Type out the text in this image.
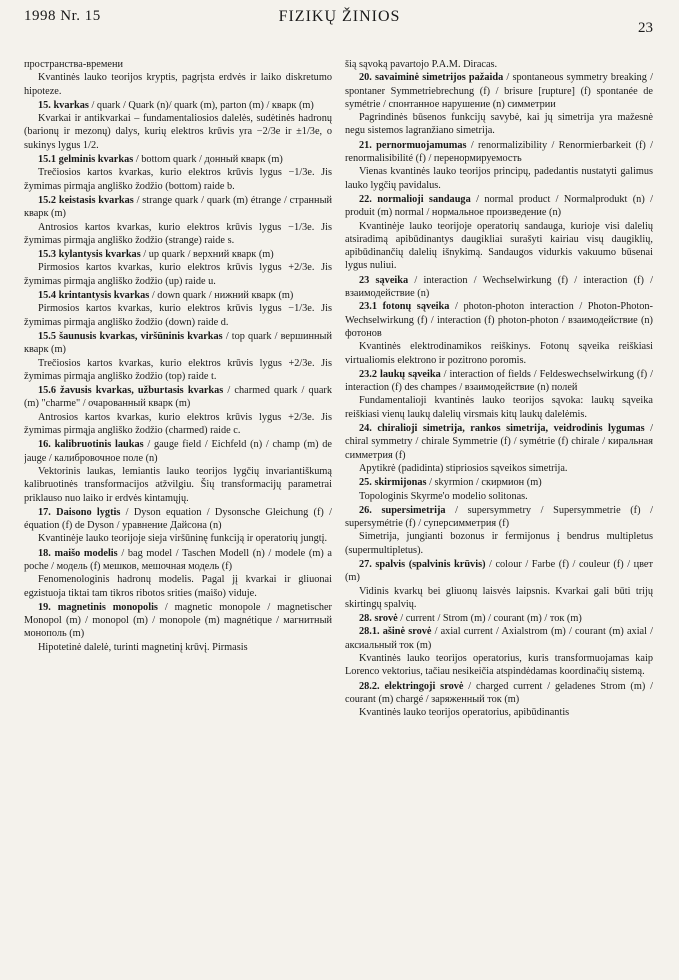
1998 Nr. 15	FIZIKŲ ŽINIOS
23

пространства-времени

Kvantinės lauko teorijos kryptis, pagrįsta erdvės ir laiko diskretumo hipoteze.

15. kvarkas / quark / Quark (n)/ quark (m), parton (m) / кварк (m)

Kvarkai ir antikvarkai – fundamentaliosios dalelės, sudėtinės hadronų (barionų ir mezonų) dalys, kurių elektros krūvis yra −2/3e ir ±1/3e, o sukinys lygus 1/2.

15.1 gelminis kvarkas / bottom quark / донный кварк (m)

Trečiosios kartos kvarkas, kurio elektros krūvis lygus −1/3e. Jis žymimas pirmąja angliško žodžio (bottom) raide b.

15.2 keistasis kvarkas / strange quark / quark (m) étrange / странный кварк (m)

Antrosios kartos kvarkas, kurio elektros krūvis lygus −1/3e. Jis žymimas pirmąja angliško žodžio (strange) raide s.

15.3 kylantysis kvarkas / up quark / верхний кварк (m)

Pirmosios kartos kvarkas, kurio elektros krūvis lygus +2/3e. Jis žymimas pirmąja angliško žodžio (up) raide u.

15.4 krintantysis kvarkas / down quark / нижний кварк (m)

Pirmosios kartos kvarkas, kurio elektros krūvis lygus −1/3e. Jis žymimas pirmąja angliško žodžio (down) raide d.

15.5 šaunusis kvarkas, viršūninis kvarkas / top quark / вершинный кварк (m)

Trečiosios kartos kvarkas, kurio elektros krūvis lygus +2/3e. Jis žymimas pirmąja angliško žodžio (top) raide t.

15.6 žavusis kvarkas, užburtasis kvarkas / charmed quark / quark (m) "charme" / очарованный кварк (m)

Antrosios kartos kvarkas, kurio elektros krūvis lygus +2/3e. Jis žymimas pirmąja angliško žodžio (charmed) raide c.

16. kalibruotinis laukas / gauge field / Eichfeld (n) / champ (m) de jauge / калибровочное поле (n)

Vektorinis laukas, lemiantis lauko teorijos lygčių invariantiškumą kalibruotinės transformacijos atžvilgiu. Šių transformacijų parametrai priklauso nuo laiko ir erdvės kintamųjų.

17. Daisono lygtis / Dyson equation / Dysonsche Gleichung (f) / équation (f) de Dyson / уравнение Дайсона (n)

Kvantinėje lauko teorijoje sieja viršūninę funkciją ir operatorių jungtį.

18. maišo modelis / bag model / Taschen Modell (n) / modele (m) a poche / модель (f) мешков, мешочная модель (f)

Fenomenologinis hadronų modelis. Pagal jį kvarkai ir gliuonai egzistuoja tiktai tam tikros ribotos srities (maišo) viduje.

19. magnetinis monopolis / magnetic monopole / magnetischer Monopol (m) / monopol (m) / monopole (m) magnétique / магнитный монополь (m)

Hipotetinė dalelė, turinti magnetinį krūvį. Pirmasis

šią sąvoką pavartojo P.A.M. Diracas.

20. savaiminė simetrijos pažaida / spontaneous symmetry breaking / spontaner Symmetriebrechung (f) / brisure [rupture] (f) spontanée de symétrie / спонтанное нарушение (n) симметрии

Pagrindinės būsenos funkcijų savybė, kai jų simetrija yra mažesnė negu sistemos lagranžiano simetrija.

21. pernormuojamumas / renormalizibility / Renormierbarkeit (f) / renormalisibilité (f) / перенормируемость

Vienas kvantinės lauko teorijos principų, padedantis nustatyti galimus lauko lygčių pavidalus.

22. normalioji sandauga / normal product / Normalprodukt (n) / produit (m) normal / нормальное произведение (n)

Kvantinėje lauko teorijoje operatorių sandauga, kurioje visi dalelių atsiradimą apibūdinantys daugikliai surašyti kairiau visų daugiklių, apibūdinančių dalelių išnykimą. Sandaugos vidurkis vakuumo būsenai lygus nuliui.

23 sąveika / interaction / Wechselwirkung (f) / interaction (f) / взаимодействие (n)

23.1 fotonų sąveika / photon-photon interaction / Photon-Photon-Wechselwirkung (f) / interaction (f) photon-photon / взаимодействие (n) фотонов

Kvantinės elektrodinamikos reiškinys. Fotonų sąveika reiškiasi virtualiomis elektrono ir pozitrono poromis.

23.2 laukų sąveika / interaction of fields / Feldeswechselwirkung (f) / interaction (f) des champes / взаимодействие (n) полей

Fundamentalioji kvantinės lauko teorijos sąvoka: laukų sąveika reiškiasi vienų laukų dalelių virsmais kitų laukų dalelėmis.

24. chiralioji simetrija, rankos simetrija, veidrodinis lygumas / chiral symmetry / chirale Symmetrie (f) / symétrie (f) chirale / киральная симметрия (f)

Apytikrė (padidinta) stipriosios sąveikos simetrija.

25. skirmijonas / skyrmion / скирмион (m)

Topologinis Skyrme'o modelio solitonas.

26. supersimetrija / supersymmetry / Supersymmetrie (f) / supersymétrie (f) / суперсимметрия (f)

Simetrija, jungianti bozonus ir fermijonus į bendrus multipletus (supermultipletus).

27. spalvis (spalvinis krūvis) / colour / Farbe (f) / couleur (f) / цвет (m)

Vidinis kvarkų bei gliuonų laisvės laipsnis. Kvarkai gali būti trijų skirtingų spalvių.

28. srovė / current / Strom (m) / courant (m) / ток (m)

28.1. ašinė srovė / axial current / Axialstrom (m) / courant (m) axial / аксиальный ток (m)

Kvantinės lauko teorijos operatorius, kuris transformuojamas kaip Lorenco vektorius, tačiau nesikeičia atspindėdamas koordinačių sistemą.

28.2. elektringoji srovė / charged current / geladenes Strom (m) / courant (m) chargé / заряженный ток (m)

Kvantinės lauko teorijos operatorius, apibūdinantis
